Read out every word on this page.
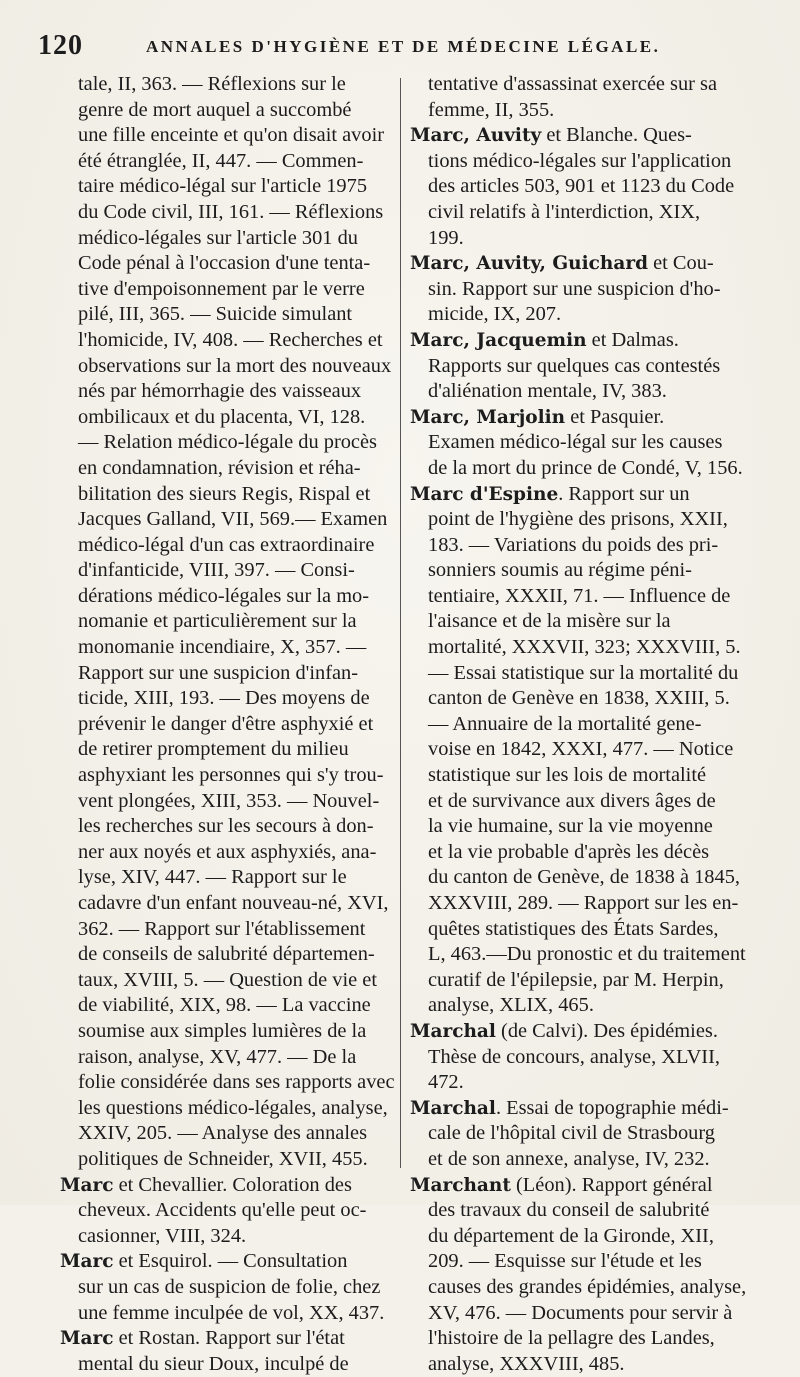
120	ANNALES D'HYGIÈNE ET DE MÉDECINE LÉGALE.
tale, II, 363. — Réflexions sur le
genre de mort auquel a succombé
une fille enceinte et qu'on disait avoir
été étranglée, II, 447. — Commen-
taire médico-légal sur l'article 1975
du Code civil, III, 161. — Réflexions
médico-légales sur l'article 301 du
Code pénal à l'occasion d'une tenta-
tive d'empoisonnement par le verre
pilé, III, 365. — Suicide simulant
l'homicide, IV, 408. — Recherches et
observations sur la mort des nouveaux
nés par hémorrhagie des vaisseaux
ombilicaux et du placenta, VI, 128.
— Relation médico-légale du procès
en condamnation, révision et réha-
bilitation des sieurs Regis, Rispal et
Jacques Galland, VII, 569.— Examen
médico-légal d'un cas extraordinaire
d'infanticide, VIII, 397. — Consi-
dérations médico-légales sur la mo-
nomanie et particulièrement sur la
monomanie incendiaire, X, 357. —
Rapport sur une suspicion d'infan-
ticide, XIII, 193. — Des moyens de
prévenir le danger d'être asphyxié et
de retirer promptement du milieu
asphyxiant les personnes qui s'y trou-
vent plongées, XIII, 353. — Nouvel-
les recherches sur les secours à don-
ner aux noyés et aux asphyxiés, ana-
lyse, XIV, 447. — Rapport sur le
cadavre d'un enfant nouveau-né, XVI,
362. — Rapport sur l'établissement
de conseils de salubrité départemen-
taux, XVIII, 5. — Question de vie et
de viabilité, XIX, 98. — La vaccine
soumise aux simples lumières de la
raison, analyse, XV, 477. — De la
folie considérée dans ses rapports avec
les questions médico-légales, analyse,
XXIV, 205. — Analyse des annales
politiques de Schneider, XVII, 455.
Marc et Chevallier. Coloration des
cheveux. Accidents qu'elle peut oc-
casionner, VIII, 324.
Marc et Esquirol. — Consultation
sur un cas de suspicion de folie, chez
une femme inculpée de vol, XX, 437.
Marc et Rostan. Rapport sur l'état
mental du sieur Doux, inculpé de
tentative d'assassinat exercée sur sa
femme, II, 355.
Marc, Auvity et Blanche. Ques-
tions médico-légales sur l'application
des articles 503, 901 et 1123 du Code
civil relatifs à l'interdiction, XIX,
199.
Marc, Auvity, Guichard et Cou-
sin. Rapport sur une suspicion d'ho-
micide, IX, 207.
Marc, Jacquemin et Dalmas.
Rapports sur quelques cas contestés
d'aliénation mentale, IV, 383.
Marc, Marjolin et Pasquier.
Examen médico-légal sur les causes
de la mort du prince de Condé, V, 156.
Marc d'Espine. Rapport sur un
point de l'hygiène des prisons, XXII,
183. — Variations du poids des pri-
sonniers soumis au régime péni-
tentiaire, XXXII, 71. — Influence de
l'aisance et de la misère sur la
mortalité, XXXVII, 323; XXXVIII, 5.
— Essai statistique sur la mortalité du
canton de Genève en 1838, XXIII, 5.
— Annuaire de la mortalité gene-
voise en 1842, XXXI, 477. — Notice
statistique sur les lois de mortalité
et de survivance aux divers âges de
la vie humaine, sur la vie moyenne
et la vie probable d'après les décès
du canton de Genève, de 1838 à 1845,
XXXVIII, 289. — Rapport sur les en-
quêtes statistiques des États Sardes,
L, 463.—Du pronostic et du traitement
curatif de l'épilepsie, par M. Herpin,
analyse, XLIX, 465.
Marchal (de Calvi). Des épidémies.
Thèse de concours, analyse, XLVII,
472.
Marchal. Essai de topographie médi-
cale de l'hôpital civil de Strasbourg
et de son annexe, analyse, IV, 232.
Marchant (Léon). Rapport général
des travaux du conseil de salubrité
du département de la Gironde, XII,
209. — Esquisse sur l'étude et les
causes des grandes épidémies, analyse,
XV, 476. — Documents pour servir à
l'histoire de la pellagre des Landes,
analyse, XXXVIII, 485.
